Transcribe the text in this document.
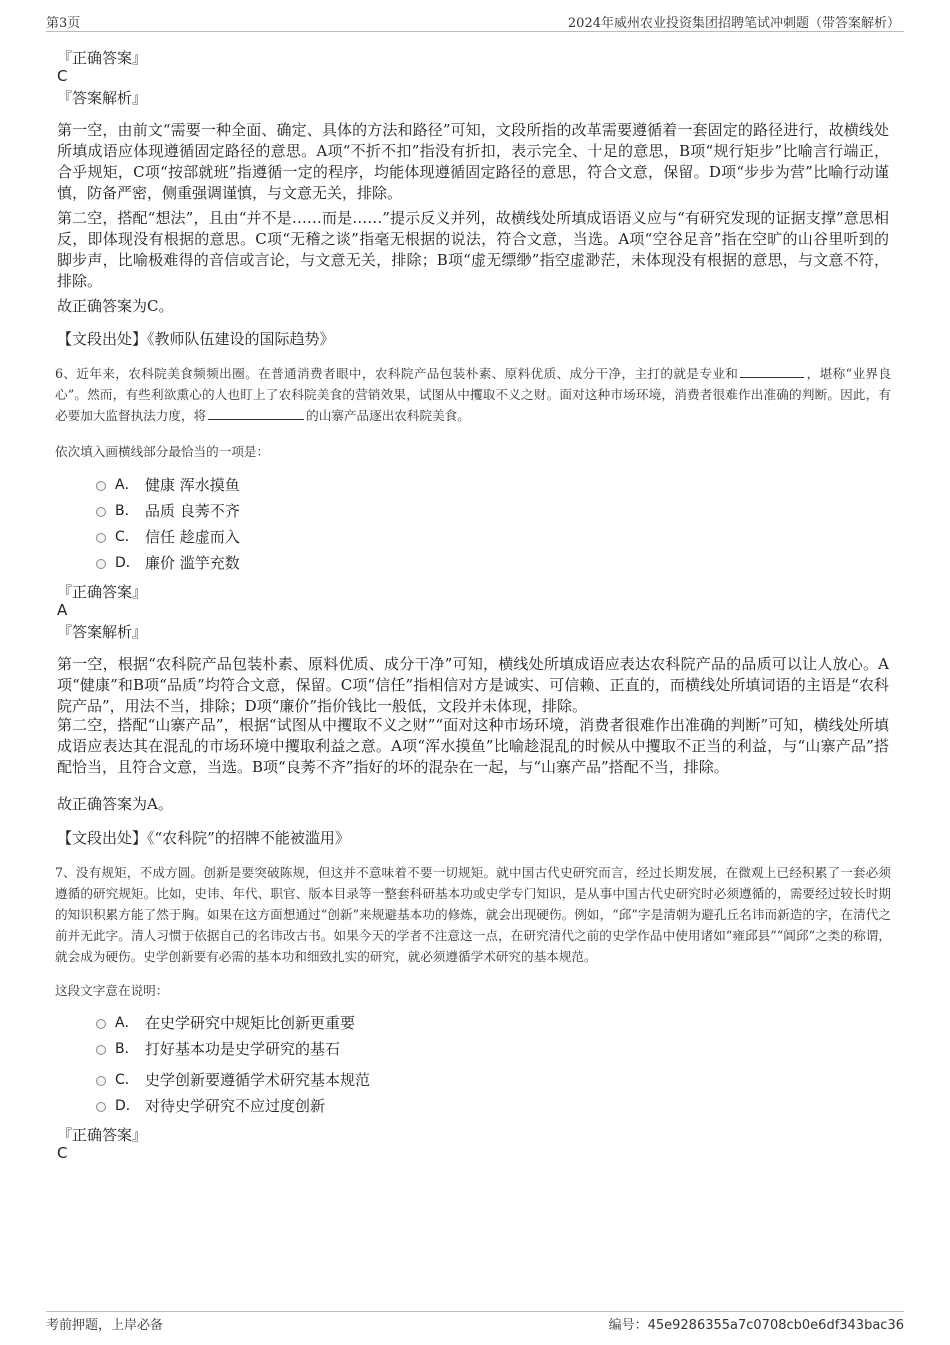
第3页	2024年威州农业投资集团招聘笔试冲刺题（带答案解析）
『正确答案』
C
『答案解析』
第一空，由前文“需要一种全面、确定、具体的方法和路径”可知，文段所指的改革需要遵循着一套固定的路径进行，故横线处所填成语应体现遵循固定路径的意思。A项“不折不扣”指没有折扣，表示完全、十足的意思，B项“规行矩步”比喻言行端正，合乎规矩，C项“按部就班”指遵循一定的程序，均能体现遵循固定路径的意思，符合文意，保留。D项“步步为营”比喻行动谨慎，防备严密，侧重强调谨慎，与文意无关，排除。
第二空，搭配“想法”，且由“并不是……而是……”提示反义并列，故横线处所填成语语义应与“有研究发现的证据支撑”意思相反，即体现没有根据的意思。C项“无稽之谈”指毫无根据的说法，符合文意，当选。A项“空谷足音”指在空旷的山谷里听到的脚步声，比喻极难得的音信或言论，与文意无关，排除；B项“虚无缥缈”指空虚渺茫，未体现没有根据的意思，与文意不符，排除。
故正确答案为C。
【文段出处】《教师队伍建设的国际趋势》
6、近年来，农科院美食频频出圈。在普通消费者眼中，农科院产品包装朴素、原料优质、成分干净，主打的就是专业和	，堪称“业界良心”。然而，有些利欲熏心的人也盯上了农科院美食的营销效果，试图从中攫取不义之财。面对这种市场环境，消费者很难作出准确的判断。因此，有必要加大监督执法力度，将	的山寨产品逐出农科院美食。
依次填入画横线部分最恰当的一项是：
A． 健康 浑水摸鱼
B． 品质 良莠不齐
C． 信任 趁虚而入
D． 廉价 滥竽充数
『正确答案』
A
『答案解析』
第一空，根据“农科院产品包装朴素、原料优质、成分干净”可知，横线处所填成语应表达农科院产品的品质可以让人放心。A项“健康”和B项“品质”均符合文意，保留。C项“信任”指相信对方是诚实、可信赖、正直的，而横线处所填词语的主语是“农科院产品”，用法不当，排除；D项“廉价”指价钱比一般低，文段并未体现，排除。
第二空，搭配“山寨产品”，根据“试图从中攫取不义之财”“面对这种市场环境，消费者很难作出准确的判断”可知，横线处所填成语应表达其在混乱的市场环境中攫取利益之意。A项“浑水摸鱼”比喻趁混乱的时候从中攫取不正当的利益，与“山寨产品”搭配恰当，且符合文意，当选。B项“良莠不齐”指好的坏的混杂在一起，与“山寨产品”搭配不当，排除。
故正确答案为A。
【文段出处】《“农科院”的招牌不能被滥用》
7、没有规矩，不成方圆。创新是要突破陈规，但这并不意味着不要一切规矩。就中国古代史研究而言，经过长期发展，在微观上已经积累了一套必须遵循的研究规矩。比如，史讳、年代、职官、版本目录等一整套科研基本功或史学专门知识，是从事中国古代史研究时必须遵循的，需要经过较长时期的知识积累方能了然于胸。如果在这方面想通过“创新”来规避基本功的修炼，就会出现硬伤。例如，“邱”字是清朝为避孔丘名讳而新造的字，在清代之前并无此字。清人习惯于依据自己的名讳改古书。如果今天的学者不注意这一点，在研究清代之前的史学作品中使用诸如“雍邱县”“阊邱”之类的称谓，就会成为硬伤。史学创新要有必需的基本功和细致扎实的研究，就必须遵循学术研究的基本规范。
这段文字意在说明：
A． 在史学研究中规矩比创新更重要
B． 打好基本功是史学研究的基石
C． 史学创新要遵循学术研究基本规范
D． 对待史学研究不应过度创新
『正确答案』
C
考前押题，上岸必备	编号：45e9286355a7c0708cb0e6df343bac36
